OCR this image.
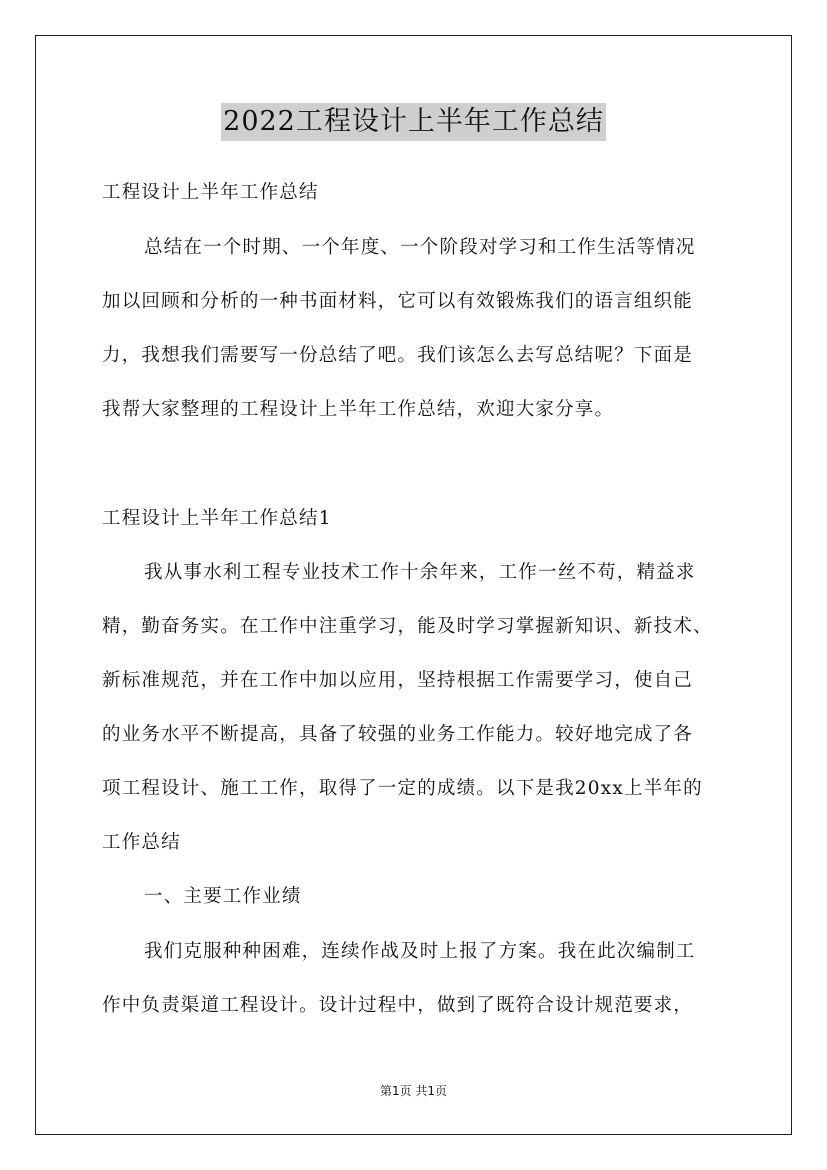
2022工程设计上半年工作总结
工程设计上半年工作总结
总结在一个时期、一个年度、一个阶段对学习和工作生活等情况
加以回顾和分析的一种书面材料，它可以有效锻炼我们的语言组织能
力，我想我们需要写一份总结了吧。我们该怎么去写总结呢？下面是
我帮大家整理的工程设计上半年工作总结，欢迎大家分享。
工程设计上半年工作总结1
我从事水利工程专业技术工作十余年来，工作一丝不苟，精益求
精，勤奋务实。在工作中注重学习，能及时学习掌握新知识、新技术、
新标准规范，并在工作中加以应用，坚持根据工作需要学习，使自己
的业务水平不断提高，具备了较强的业务工作能力。较好地完成了各
项工程设计、施工工作，取得了一定的成绩。以下是我20xx上半年的
工作总结
一、主要工作业绩
我们克服种种困难，连续作战及时上报了方案。我在此次编制工
作中负责渠道工程设计。设计过程中，做到了既符合设计规范要求，
第1页 共1页
